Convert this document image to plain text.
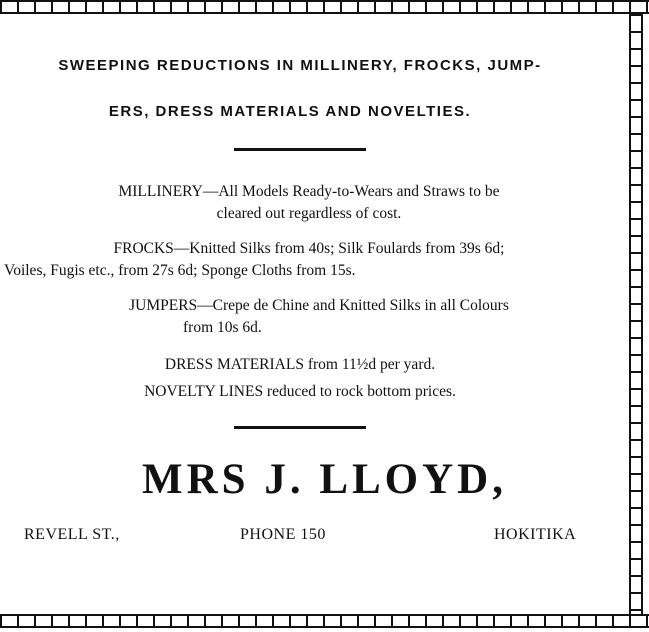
SWEEPING REDUCTIONS IN MILLINERY, FROCKS, JUMP-
ERS, DRESS MATERIALS AND NOVELTIES.
MILLINERY—All Models Ready-to-Wears and Straws to be
cleared out regardless of cost.
FROCKS—Knitted Silks from 40s; Silk Foulards from 39s 6d;
Voiles, Fugis etc., from 27s 6d; Sponge Cloths from 15s.
JUMPERS—Crepe de Chine and Knitted Silks in all Colours
from 10s 6d.
DRESS MATERIALS from 11½d per yard.
NOVELTY LINES reduced to rock bottom prices.
MRS J. LLOYD,
REVELL ST.,	PHONE 150	HOKITIKA
